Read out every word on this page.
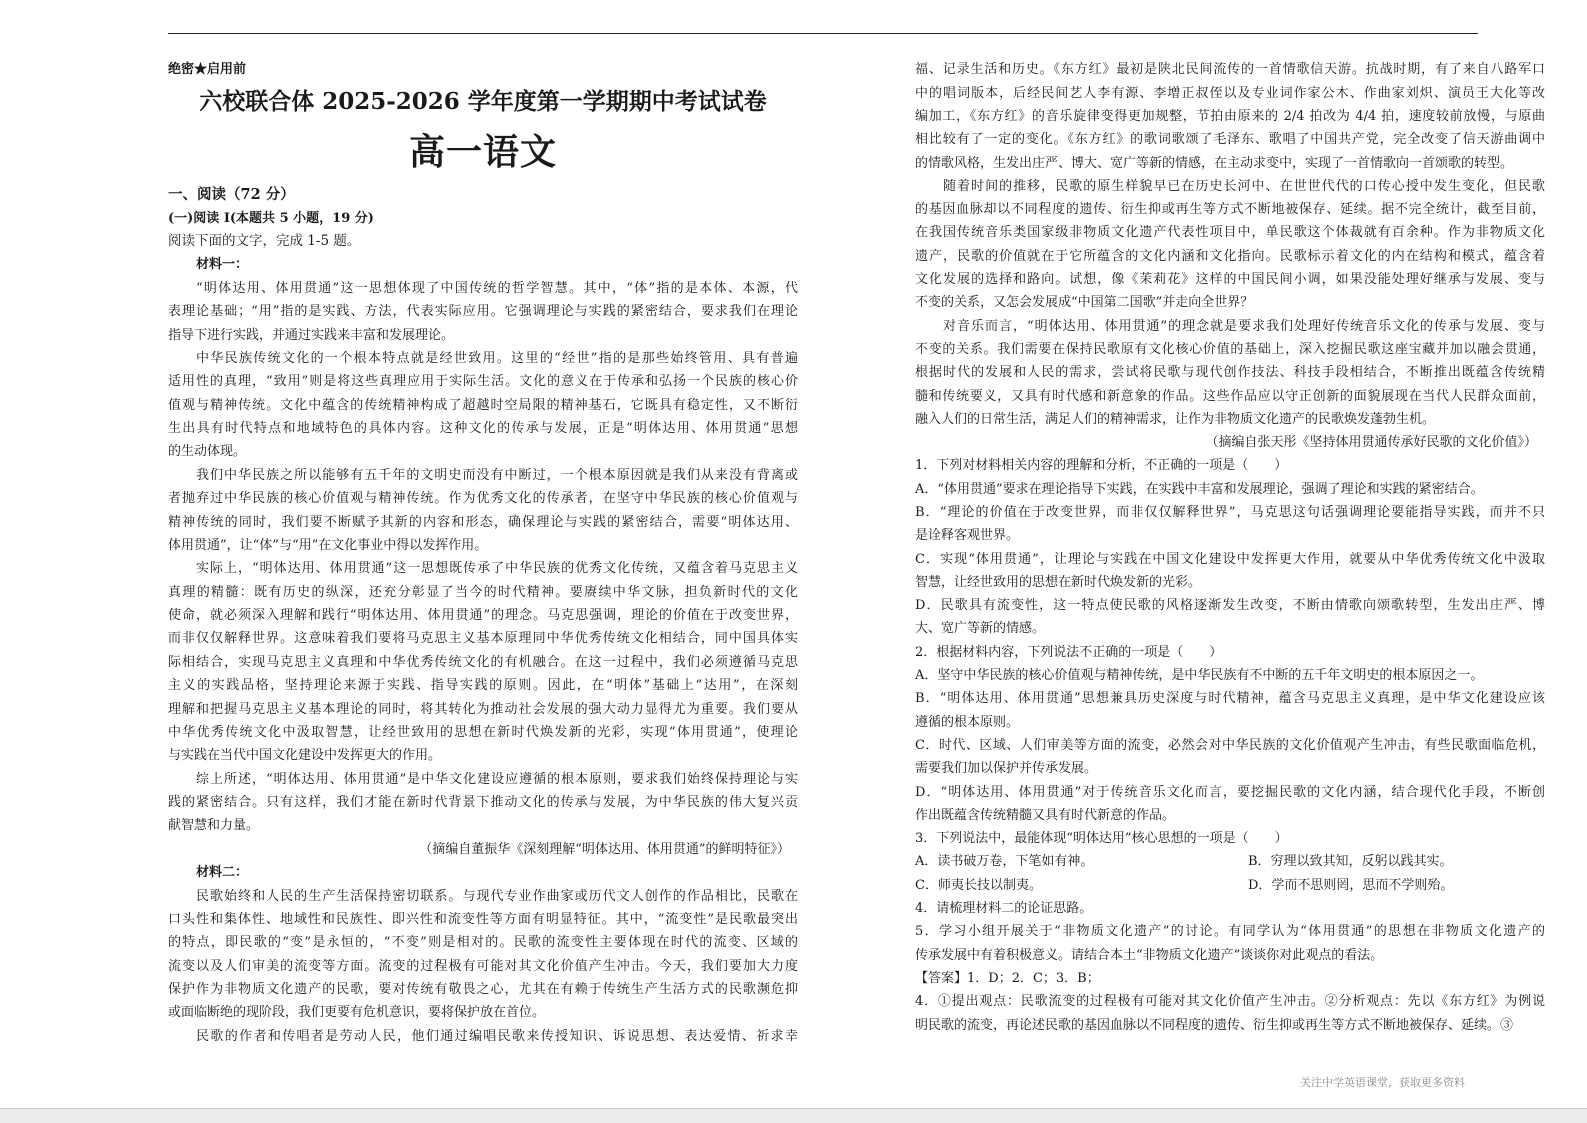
绝密★启用前
六校联合体 2025-2026 学年度第一学期期中考试试卷
高一语文
一、阅读（72 分）
(一)阅读 I(本题共 5 小题，19 分)
阅读下面的文字，完成 1-5 题。
材料一：
“明体达用、体用贯通”这一思想体现了中国传统的哲学智慧。其中，“体”指的是本体、本源，代
表理论基础；“用”指的是实践、方法，代表实际应用。它强调理论与实践的紧密结合，要求我们在理论
指导下进行实践，并通过实践来丰富和发展理论。
中华民族传统文化的一个根本特点就是经世致用。这里的“经世”指的是那些始终管用、具有普遍
适用性的真理，“致用”则是将这些真理应用于实际生活。文化的意义在于传承和弘扬一个民族的核心价
值观与精神传统。文化中蕴含的传统精神构成了超越时空局限的精神基石，它既具有稳定性，又不断衍
生出具有时代特点和地域特色的具体内容。这种文化的传承与发展，正是“明体达用、体用贯通”思想
的生动体现。
我们中华民族之所以能够有五千年的文明史而没有中断过，一个根本原因就是我们从来没有背离或
者抛弃过中华民族的核心价值观与精神传统。作为优秀文化的传承者，在坚守中华民族的核心价值观与
精神传统的同时，我们要不断赋予其新的内容和形态，确保理论与实践的紧密结合，需要“明体达用、
体用贯通”，让“体”与“用”在文化事业中得以发挥作用。
实际上，“明体达用、体用贯通”这一思想既传承了中华民族的优秀文化传统，又蕴含着马克思主义
真理的精髓：既有历史的纵深，还充分彰显了当今的时代精神。要赓续中华文脉，担负新时代的文化
使命，就必须深入理解和践行“明体达用、体用贯通”的理念。马克思强调，理论的价值在于改变世界，
而非仅仅解释世界。这意味着我们要将马克思主义基本原理同中华优秀传统文化相结合，同中国具体实
际相结合，实现马克思主义真理和中华优秀传统文化的有机融合。在这一过程中，我们必须遵循马克思
主义的实践品格，坚持理论来源于实践、指导实践的原则。因此，在“明体”基础上“达用”，在深刻
理解和把握马克思主义基本理论的同时，将其转化为推动社会发展的强大动力显得尤为重要。我们要从
中华优秀传统文化中汲取智慧，让经世致用的思想在新时代焕发新的光彩，实现“体用贯通”，使理论
与实践在当代中国文化建设中发挥更大的作用。
综上所述，“明体达用、体用贯通”是中华文化建设应遵循的根本原则，要求我们始终保持理论与实
践的紧密结合。只有这样，我们才能在新时代背景下推动文化的传承与发展，为中华民族的伟大复兴贡
献智慧和力量。
（摘编自董振华《深刻理解“明体达用、体用贯通”的鲜明特征》）
材料二：
民歌始终和人民的生产生活保持密切联系。与现代专业作曲家或历代文人创作的作品相比，民歌在
口头性和集体性、地域性和民族性、即兴性和流变性等方面有明显特征。其中，“流变性”是民歌最突出
的特点，即民歌的“变”是永恒的，“不变”则是相对的。民歌的流变性主要体现在时代的流变、区域的
流变以及人们审美的流变等方面。流变的过程极有可能对其文化价值产生冲击。今天，我们要加大力度
保护作为非物质文化遗产的民歌，要对传统有敬畏之心，尤其在有赖于传统生产生活方式的民歌濒危抑
或面临断绝的现阶段，我们更要有危机意识，要将保护放在首位。
民歌的作者和传唱者是劳动人民，他们通过编唱民歌来传授知识、诉说思想、表达爱情、祈求幸
福、记录生活和历史。《东方红》最初是陕北民间流传的一首情歌信天游。抗战时期，有了来自八路军口
中的唱词版本，后经民间艺人李有源、李增正叔侄以及专业词作家公木、作曲家刘炽、演员王大化等改
编加工，《东方红》的音乐旋律变得更加规整，节拍由原来的 2/4 拍改为 4/4 拍，速度较前放慢，与原曲
相比较有了一定的变化。《东方红》的歌词歌颂了毛泽东、歌唱了中国共产党，完全改变了信天游曲调中
的情歌风格，生发出庄严、博大、宽广等新的情感，在主动求变中，实现了一首情歌向一首颂歌的转型。
随着时间的推移，民歌的原生样貌早已在历史长河中、在世世代代的口传心授中发生变化，但民歌
的基因血脉却以不同程度的遗传、衍生抑或再生等方式不断地被保存、延续。据不完全统计，截至目前，
在我国传统音乐类国家级非物质文化遗产代表性项目中，单民歌这个体裁就有百余种。作为非物质文化
遗产，民歌的价值就在于它所蕴含的文化内涵和文化指向。民歌标示着文化的内在结构和模式，蕴含着
文化发展的选择和路向。试想，像《茉莉花》这样的中国民间小调，如果没能处理好继承与发展、变与
不变的关系，又怎会发展成“中国第二国歌”并走向全世界？
对音乐而言，“明体达用、体用贯通”的理念就是要求我们处理好传统音乐文化的传承与发展、变与
不变的关系。我们需要在保持民歌原有文化核心价值的基础上，深入挖掘民歌这座宝藏并加以融会贯通，
根据时代的发展和人民的需求，尝试将民歌与现代创作技法、科技手段相结合，不断推出既蕴含传统精
髓和传统要义，又具有时代感和新意象的作品。这些作品应以守正创新的面貌展现在当代人民群众面前，
融入人们的日常生活，满足人们的精神需求，让作为非物质文化遗产的民歌焕发蓬勃生机。
（摘编自张天彤《坚持体用贯通传承好民歌的文化价值》）
1．下列对材料相关内容的理解和分析，不正确的一项是（　　）
A．“体用贯通”要求在理论指导下实践，在实践中丰富和发展理论，强调了理论和实践的紧密结合。
B．“理论的价值在于改变世界，而非仅仅解释世界”，马克思这句话强调理论要能指导实践，而并不只
是诠释客观世界。
C．实现“体用贯通”，让理论与实践在中国文化建设中发挥更大作用，就要从中华优秀传统文化中汲取
智慧，让经世致用的思想在新时代焕发新的光彩。
D．民歌具有流变性，这一特点使民歌的风格逐渐发生改变，不断由情歌向颂歌转型，生发出庄严、博
大、宽广等新的情感。
2．根据材料内容，下列说法不正确的一项是（　　）
A．坚守中华民族的核心价值观与精神传统，是中华民族有不中断的五千年文明史的根本原因之一。
B．“明体达用、体用贯通”思想兼具历史深度与时代精神，蕴含马克思主义真理，是中华文化建设应该
遵循的根本原则。
C．时代、区域、人们审美等方面的流变，必然会对中华民族的文化价值观产生冲击，有些民歌面临危机，
需要我们加以保护并传承发展。
D．“明体达用、体用贯通”对于传统音乐文化而言，要挖掘民歌的文化内涵，结合现代化手段，不断创
作出既蕴含传统精髓又具有时代新意的作品。
3．下列说法中，最能体现“明体达用”核心思想的一项是（　　）
A．读书破万卷，下笔如有神。	B．穷理以致其知，反躬以践其实。
C．师夷长技以制夷。	D．学而不思则罔，思而不学则殆。
4．请梳理材料二的论证思路。
5．学习小组开展关于“非物质文化遗产”的讨论。有同学认为“体用贯通”的思想在非物质文化遗产的
传承发展中有着积极意义。请结合本土“非物质文化遗产”谈谈你对此观点的看法。
【答案】1．D；2．C；3．B；
4．①提出观点：民歌流变的过程极有可能对其文化价值产生冲击。②分析观点：先以《东方红》为例说
明民歌的流变，再论述民歌的基因血脉以不同程度的遗传、衍生抑或再生等方式不断地被保存、延续。③
关注中学英语课堂，获取更多资料
